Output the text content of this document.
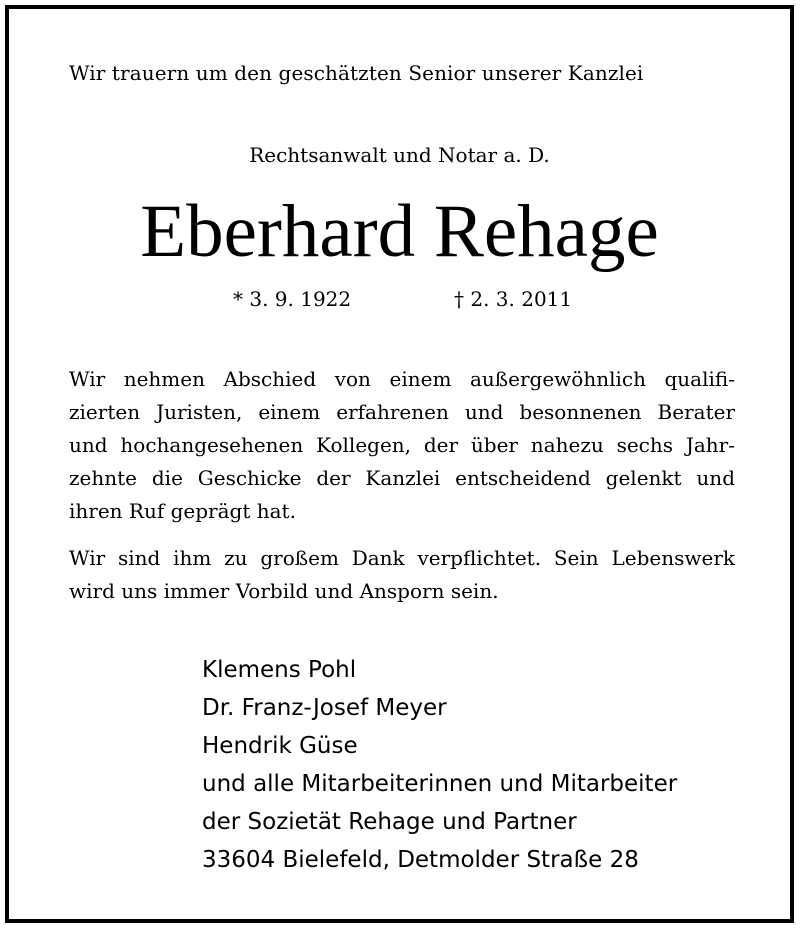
Wir trauern um den geschätzten Senior unserer Kanzlei

Rechtsanwalt und Notar a. D.

Eberhard Rehage

* 3. 9. 1922	† 2. 3. 2011

Wir nehmen Abschied von einem außergewöhnlich qualifi-
zierten Juristen, einem erfahrenen und besonnenen Berater
und hochangesehenen Kollegen, der über nahezu sechs Jahr-
zehnte die Geschicke der Kanzlei entscheidend gelenkt und
ihren Ruf geprägt hat.

Wir sind ihm zu großem Dank verpflichtet. Sein Lebenswerk
wird uns immer Vorbild und Ansporn sein.

Klemens Pohl
Dr. Franz-Josef Meyer
Hendrik Güse
und alle Mitarbeiterinnen und Mitarbeiter
der Sozietät Rehage und Partner
33604 Bielefeld, Detmolder Straße 28
